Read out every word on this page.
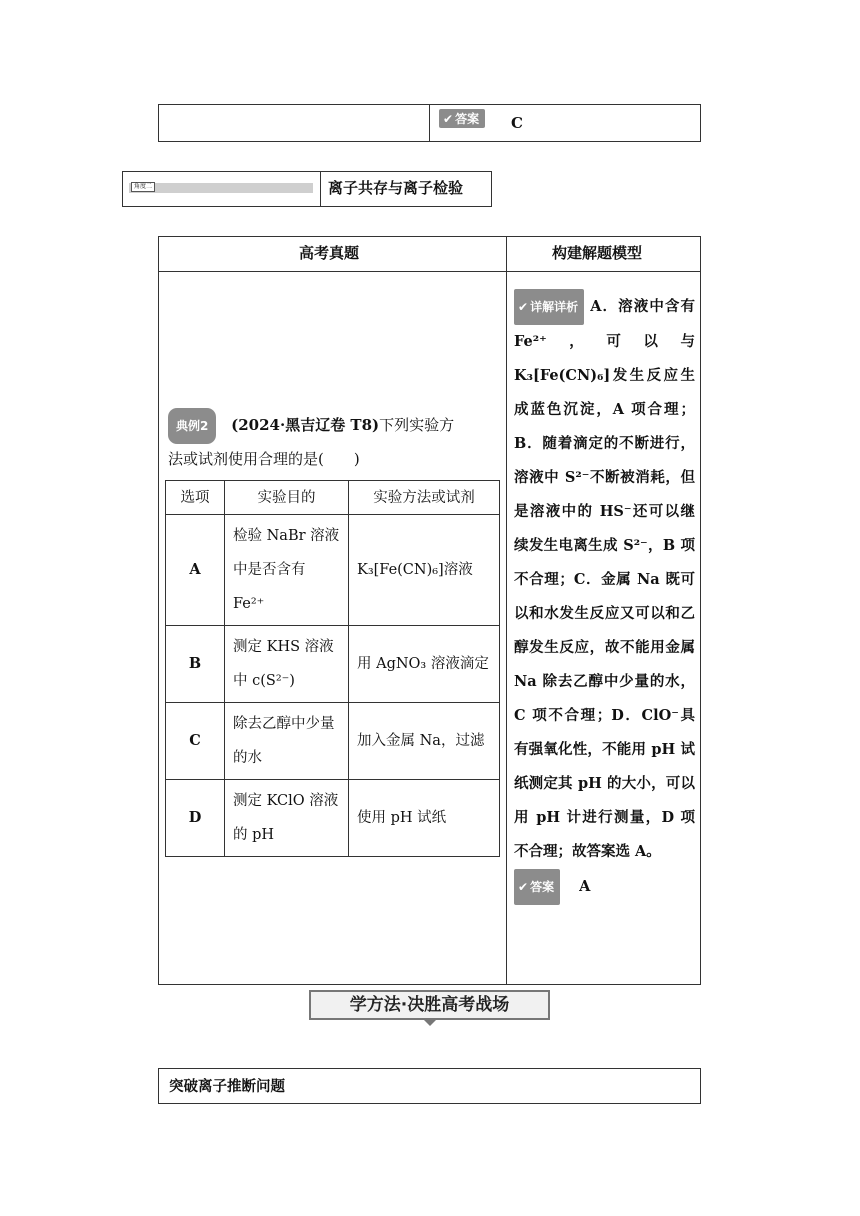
✔ 答案	C
角度二	离子共存与离子检验
高考真题	构建解题模型
典例2 (2024·黑吉辽卷 T8)下列实验方
法或试剂使用合理的是(　　)
选项	实验目的	实验方法或试剂
A	检验 NaBr 溶液中是否含有 Fe²⁺	K₃[Fe(CN)₆]溶液
B	测定 KHS 溶液中 c(S²⁻)	用 AgNO₃ 溶液滴定
C	除去乙醇中少量的水	加入金属 Na，过滤
D	测定 KClO 溶液的 pH	使用 pH 试纸
✔ 详解详析 A．溶液中含有 Fe²⁺，可以与 K₃[Fe(CN)₆]发生反应生成蓝色沉淀，A 项合理；B．随着滴定的不断进行，溶液中 S²⁻不断被消耗，但是溶液中的 HS⁻还可以继续发生电离生成 S²⁻，B 项不合理；C．金属 Na 既可以和水发生反应又可以和乙醇发生反应，故不能用金属 Na 除去乙醇中少量的水，C 项不合理；D．ClO⁻具有强氧化性，不能用 pH 试纸测定其 pH 的大小，可以用 pH 计进行测量，D 项不合理；故答案选 A。
✔ 答案 A
学方法·决胜高考战场
突破离子推断问题
